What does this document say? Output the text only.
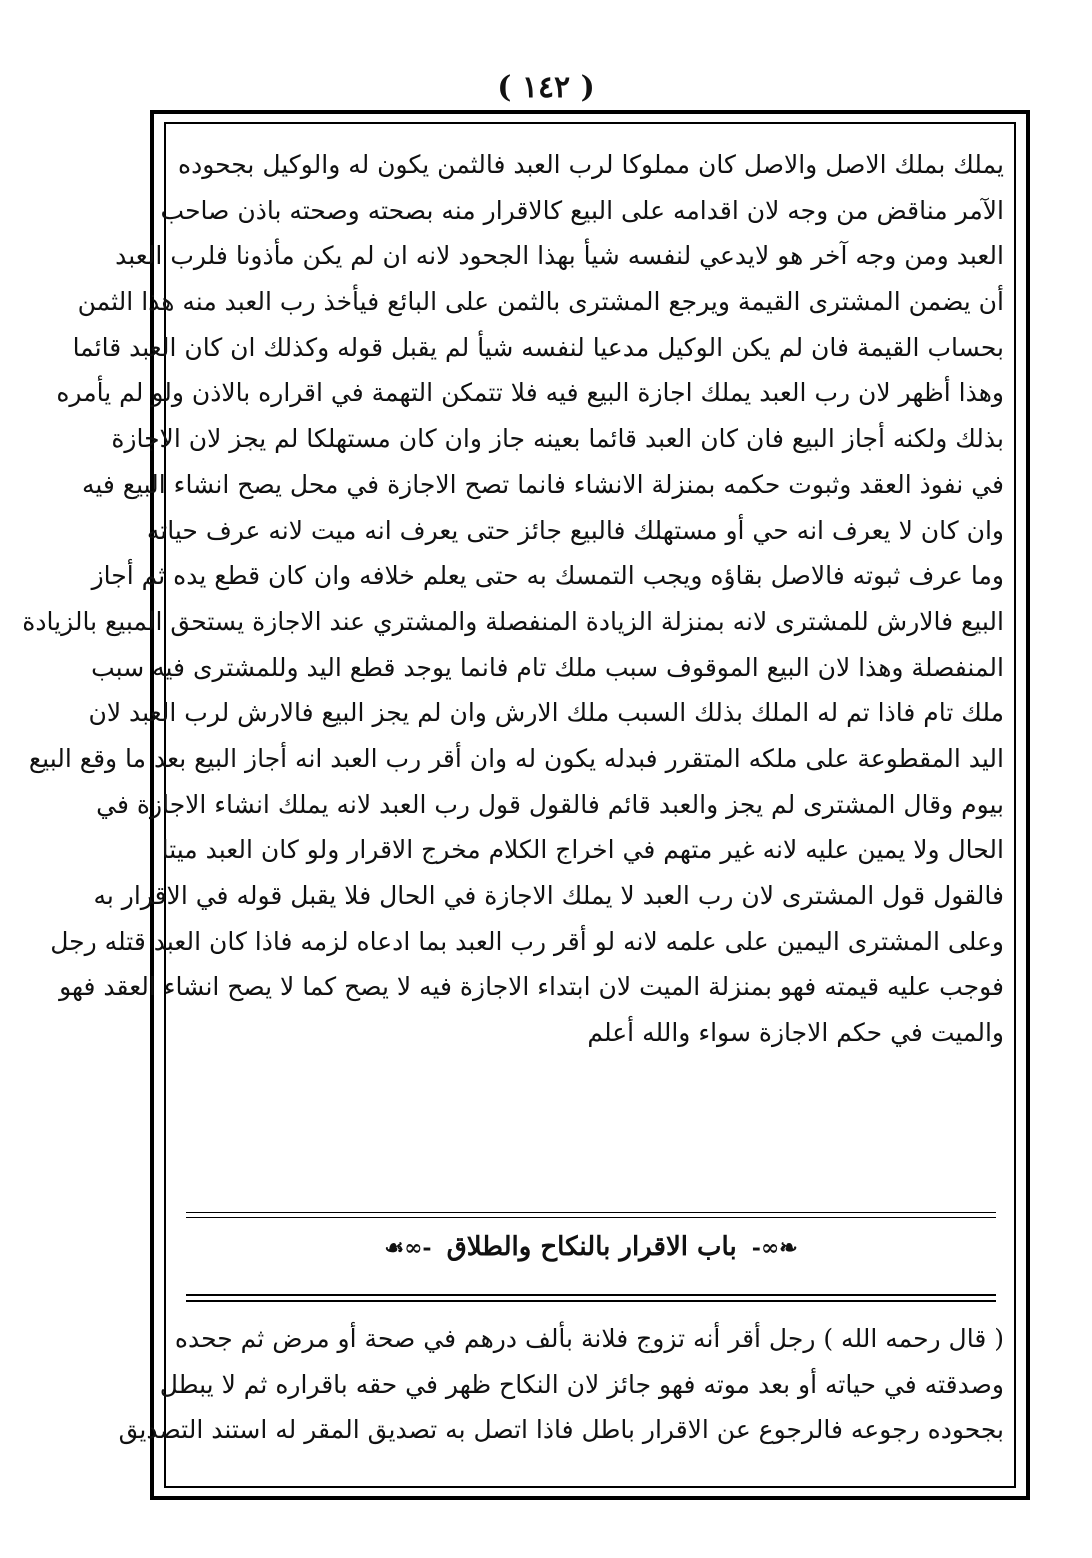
( ١٤٢ )
يملك بملك الاصل والاصل كان مملوكا لرب العبد فالثمن يكون له والوكيل بجحوده
الآمر مناقض من وجه لان اقدامه على البيع كالاقرار منه بصحته وصحته باذن صاحب
العبد ومن وجه آخر هو لايدعي لنفسه شيأ بهذا الجحود لانه ان لم يكن مأذونا فلرب العبد
أن يضمن المشترى القيمة ويرجع المشترى بالثمن على البائع فيأخذ رب العبد منه هذا الثمن
بحساب القيمة فان لم يكن الوكيل مدعيا لنفسه شيأ لم يقبل قوله وكذلك ان كان العبد قائما
وهذا أظهر لان رب العبد يملك اجازة البيع فيه فلا تتمكن التهمة في اقراره بالاذن ولو لم يأمره
بذلك ولكنه أجاز البيع فان كان العبد قائما بعينه جاز وان كان مستهلكا لم يجز لان الاجازة
في نفوذ العقد وثبوت حكمه بمنزلة الانشاء فانما تصح الاجازة في محل يصح انشاء البيع فيه
وان كان لا يعرف انه حي أو مستهلك فالبيع جائز حتى يعرف انه ميت لانه عرف حياته
وما عرف ثبوته فالاصل بقاؤه ويجب التمسك به حتى يعلم خلافه وان كان قطع يده ثم أجاز
البيع فالارش للمشترى لانه بمنزلة الزيادة المنفصلة والمشتري عند الاجازة يستحق المبيع بالزيادة
المنفصلة وهذا لان البيع الموقوف سبب ملك تام فانما يوجد قطع اليد وللمشترى فيه سبب
ملك تام فاذا تم له الملك بذلك السبب ملك الارش وان لم يجز البيع فالارش لرب العبد لان
اليد المقطوعة على ملكه المتقرر فبدله يكون له وان أقر رب العبد انه أجاز البيع بعد ما وقع البيع
بيوم وقال المشترى لم يجز والعبد قائم فالقول قول رب العبد لانه يملك انشاء الاجازة في
الحال ولا يمين عليه لانه غير متهم في اخراج الكلام مخرج الاقرار ولو كان العبد ميتا
فالقول قول المشترى لان رب العبد لا يملك الاجازة في الحال فلا يقبل قوله في الاقرار به
وعلى المشترى اليمين على علمه لانه لو أقر رب العبد بما ادعاه لزمه فاذا كان العبد قتله رجل
فوجب عليه قيمته فهو بمنزلة الميت لان ابتداء الاجازة فيه لا يصح كما لا يصح انشاء العقد فهو
والميت في حكم الاجازة سواء والله أعلم
❧∞- باب الاقرار بالنكاح والطلاق -∞☙
( قال رحمه الله ) رجل أقر أنه تزوج فلانة بألف درهم في صحة أو مرض ثم جحده
وصدقته في حياته أو بعد موته فهو جائز لان النكاح ظهر في حقه باقراره ثم لا يبطل
بجحوده رجوعه فالرجوع عن الاقرار باطل فاذا اتصل به تصديق المقر له استند التصديق
